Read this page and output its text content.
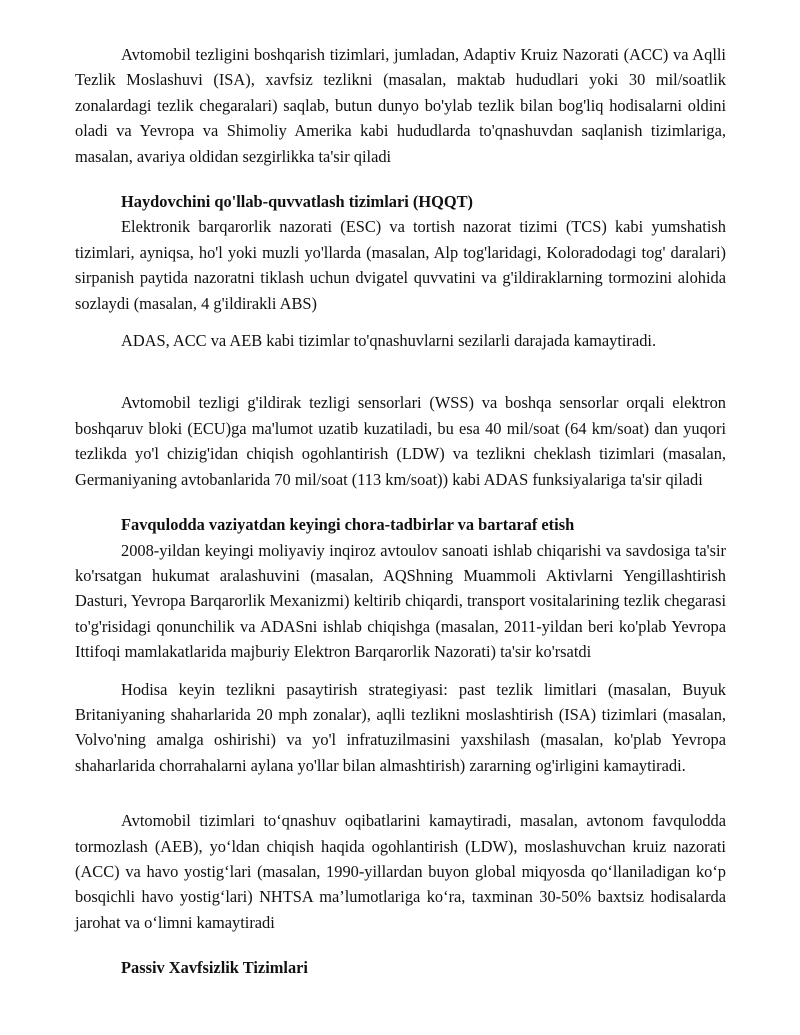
Avtomobil tezligini boshqarish tizimlari, jumladan, Adaptiv Kruiz Nazorati (ACC) va Aqlli Tezlik Moslashuvi (ISA), xavfsiz tezlikni (masalan, maktab hududlari yoki 30 mil/soatlik zonalardagi tezlik chegaralari) saqlab, butun dunyo bo'ylab tezlik bilan bog'liq hodisalarni oldini oladi va Yevropa va Shimoliy Amerika kabi hududlarda to'qnashuvdan saqlanish tizimlariga, masalan, avariya oldidan sezgirlikka ta'sir qiladi

Haydovchini qo'llab-quvvatlash tizimlari (HQQT)

Elektronik barqarorlik nazorati (ESC) va tortish nazorat tizimi (TCS) kabi yumshatish tizimlari, ayniqsa, ho'l yoki muzli yo'llarda (masalan, Alp tog'laridagi, Koloradodagi tog' daralari) sirpanish paytida nazoratni tiklash uchun dvigatel quvvatini va g'ildiraklarning tormozini alohida sozlaydi (masalan, 4 g'ildirakli ABS)

ADAS, ACC va AEB kabi tizimlar to'qnashuvlarni sezilarli darajada kamaytiradi.

Avtomobil tezligi g'ildirak tezligi sensorlari (WSS) va boshqa sensorlar orqali elektron boshqaruv bloki (ECU)ga ma'lumot uzatib kuzatiladi, bu esa 40 mil/soat (64 km/soat) dan yuqori tezlikda yo'l chizig'idan chiqish ogohlantirish (LDW) va tezlikni cheklash tizimlari (masalan, Germaniyaning avtobanlarida 70 mil/soat (113 km/soat)) kabi ADAS funksiyalariga ta'sir qiladi

Favqulodda vaziyatdan keyingi chora-tadbirlar va bartaraf etish

2008-yildan keyingi moliyaviy inqiroz avtoulov sanoati ishlab chiqarishi va savdosiga ta'sir ko'rsatgan hukumat aralashuvini (masalan, AQShning Muammoli Aktivlarni Yengillashtirish Dasturi, Yevropa Barqarorlik Mexanizmi) keltirib chiqardi, transport vositalarining tezlik chegarasi to'g'risidagi qonunchilik va ADASni ishlab chiqishga (masalan, 2011-yildan beri ko'plab Yevropa Ittifoqi mamlakatlarida majburiy Elektron Barqarorlik Nazorati) ta'sir ko'rsatdi

Hodisa keyin tezlikni pasaytirish strategiyasi: past tezlik limitlari (masalan, Buyuk Britaniyaning shaharlarida 20 mph zonalar), aqlli tezlikni moslashtirish (ISA) tizimlari (masalan, Volvo'ning amalga oshirishi) va yo'l infratuzilmasini yaxshilash (masalan, ko'plab Yevropa shaharlarida chorrahalarni aylana yo'llar bilan almashtirish) zararning og'irligini kamaytiradi.

Avtomobil tizimlari to‘qnashuv oqibatlarini kamaytiradi, masalan, avtonom favqulodda tormozlash (AEB), yo‘ldan chiqish haqida ogohlantirish (LDW), moslashuvchan kruiz nazorati (ACC) va havo yostig‘lari (masalan, 1990-yillardan buyon global miqyosda qo‘llaniladigan ko‘p bosqichli havo yostig‘lari) NHTSA ma’lumotlariga ko‘ra, taxminan 30-50% baxtsiz hodisalarda jarohat va o‘limni kamaytiradi

Passiv Xavfsizlik Tizimlari
